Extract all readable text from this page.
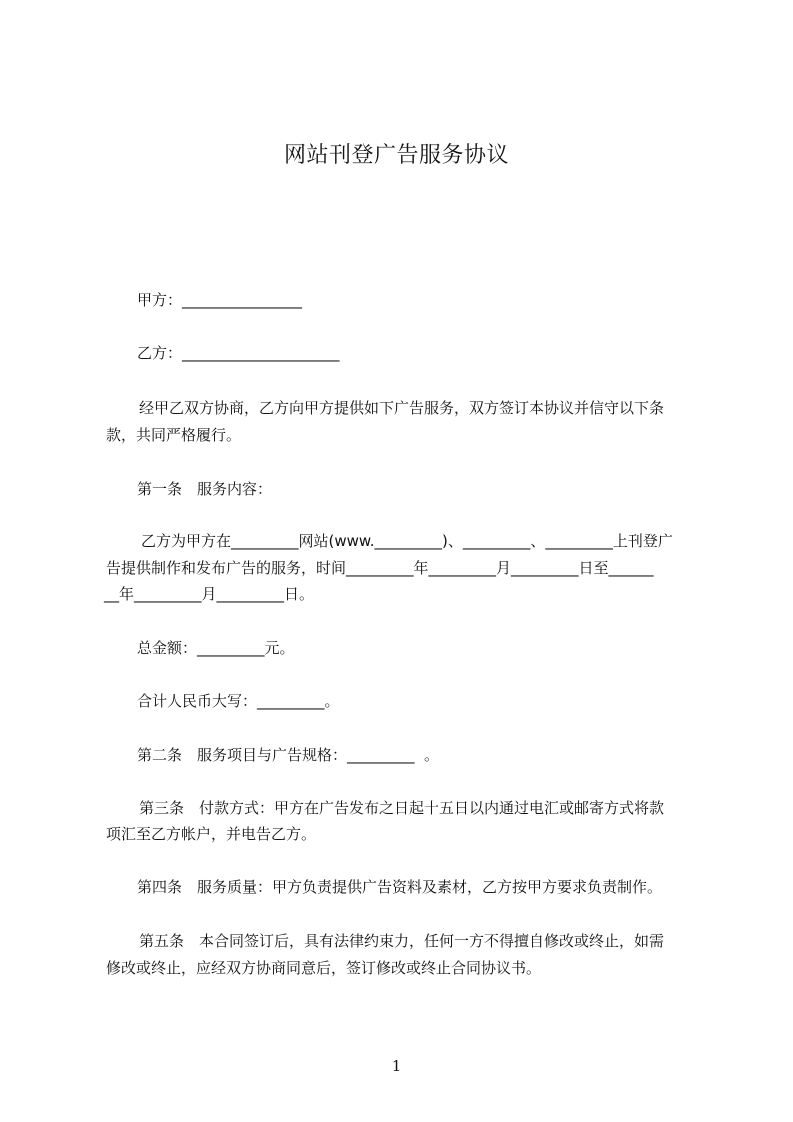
网站刊登广告服务协议
甲方：________________
乙方：_____________________
经甲乙双方协商，乙方向甲方提供如下广告服务，双方签订本协议并信守以下条
款，共同严格履行。
第一条　服务内容：
乙方为甲方在_________网站(www._________)、_________、_________上刊登广
告提供制作和发布广告的服务，时间_________年_________月_________日至______
__年_________月_________日。
总金额：_________元。
合计人民币大写：_________。
第二条　服务项目与广告规格：_________  。
第三条　付款方式：甲方在广告发布之日起十五日以内通过电汇或邮寄方式将款
项汇至乙方帐户，并电告乙方。
第四条　服务质量：甲方负责提供广告资料及素材，乙方按甲方要求负责制作。
第五条　本合同签订后，具有法律约束力，任何一方不得擅自修改或终止，如需
修改或终止，应经双方协商同意后，签订修改或终止合同协议书。
1
